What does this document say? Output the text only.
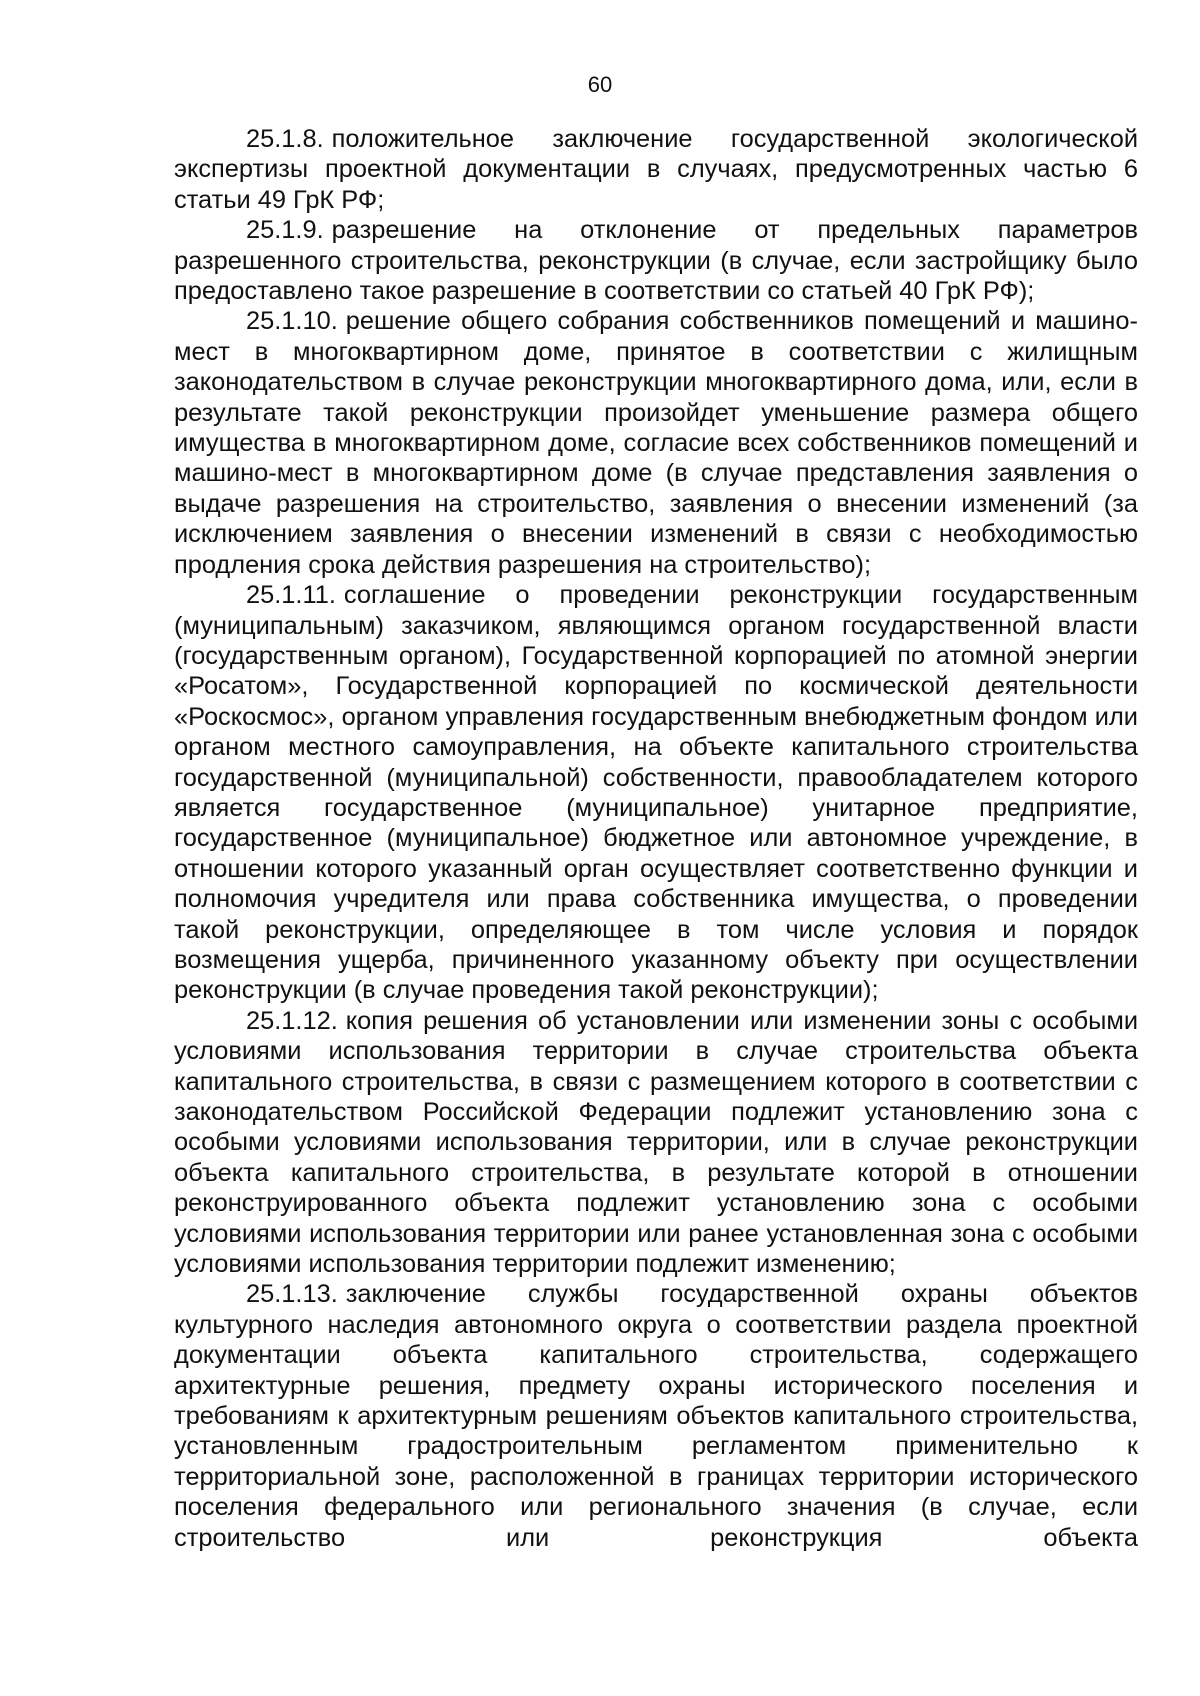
60

25.1.8. положительное заключение государственной экологической экспертизы проектной документации в случаях, предусмотренных частью 6 статьи 49 ГрК РФ;

25.1.9. разрешение на отклонение от предельных параметров разрешенного строительства, реконструкции (в случае, если застройщику было предоставлено такое разрешение в соответствии со статьей 40 ГрК РФ);

25.1.10. решение общего собрания собственников помещений и машино-мест в многоквартирном доме, принятое в соответствии с жилищным законодательством в случае реконструкции многоквартирного дома, или, если в результате такой реконструкции произойдет уменьшение размера общего имущества в многоквартирном доме, согласие всех собственников помещений и машино-мест в многоквартирном доме (в случае представления заявления о выдаче разрешения на строительство, заявления о внесении изменений (за исключением заявления о внесении изменений в связи с необходимостью продления срока действия разрешения на строительство);

25.1.11. соглашение о проведении реконструкции государственным (муниципальным) заказчиком, являющимся органом государственной власти (государственным органом), Государственной корпорацией по атомной энергии «Росатом», Государственной корпорацией по космической деятельности «Роскосмос», органом управления государственным внебюджетным фондом или органом местного самоуправления, на объекте капитального строительства государственной (муниципальной) собственности, правообладателем которого является государственное (муниципальное) унитарное предприятие, государственное (муниципальное) бюджетное или автономное учреждение, в отношении которого указанный орган осуществляет соответственно функции и полномочия учредителя или права собственника имущества, о проведении такой реконструкции, определяющее в том числе условия и порядок возмещения ущерба, причиненного указанному объекту при осуществлении реконструкции (в случае проведения такой реконструкции);

25.1.12. копия решения об установлении или изменении зоны с особыми условиями использования территории в случае строительства объекта капитального строительства, в связи с размещением которого в соответствии с законодательством Российской Федерации подлежит установлению зона с особыми условиями использования территории, или в случае реконструкции объекта капитального строительства, в результате которой в отношении реконструированного объекта подлежит установлению зона с особыми условиями использования территории или ранее установленная зона с особыми условиями использования территории подлежит изменению;

25.1.13. заключение службы государственной охраны объектов культурного наследия автономного округа о соответствии раздела проектной документации объекта капитального строительства, содержащего архитектурные решения, предмету охраны исторического поселения и требованиям к архитектурным решениям объектов капитального строительства, установленным градостроительным регламентом применительно к территориальной зоне, расположенной в границах территории исторического поселения федерального или регионального значения (в случае, если строительство или реконструкция объекта
